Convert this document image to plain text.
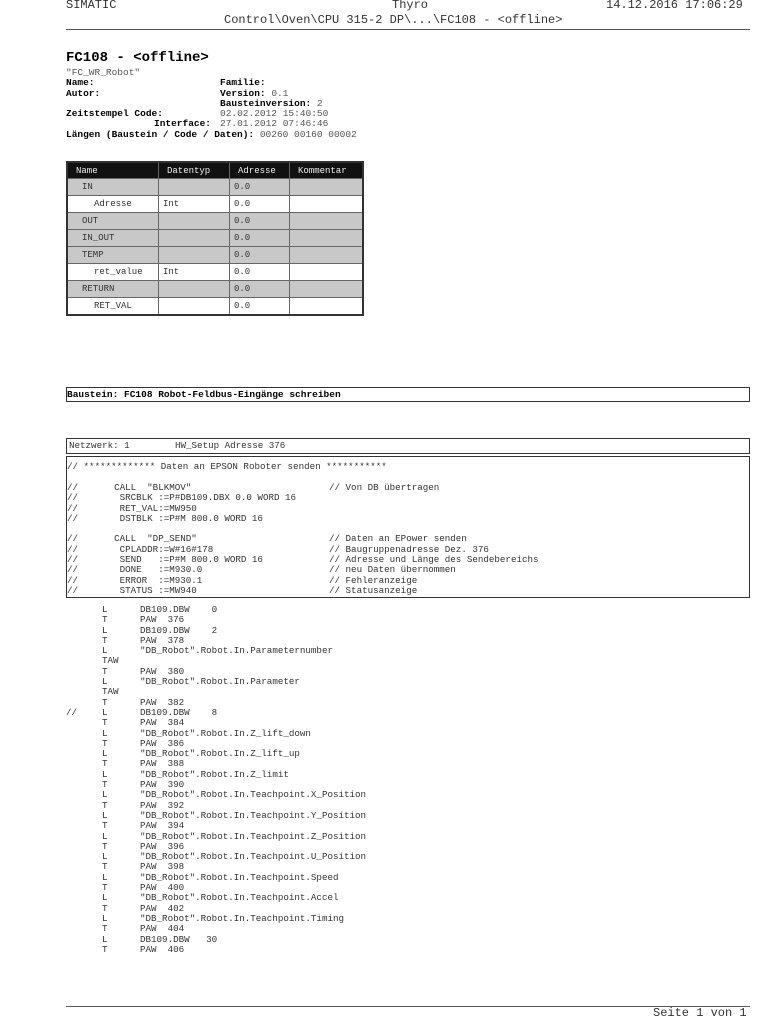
SIMATIC	Thyro	14.12.2016 17:06:29
Control\Oven\CPU 315-2 DP\...\FC108 - <offline>
FC108 - <offline>
"FC_WR_Robot"
Name:	Familie:
Autor:	Version: 0.1
Bausteinversion: 2
Zeitstempel Code:	02.02.2012 15:40:50
Interface: 27.01.2012 07:46:46
Längen (Baustein / Code / Daten): 00260 00160 00002
Name	Datentyp	Adresse	Kommentar
IN		0.0	
Adresse	Int	0.0	
OUT		0.0	
IN_OUT		0.0	
TEMP		0.0	
ret_value	Int	0.0	
RETURN		0.0	
RET_VAL		0.0	
Baustein: FC108 Robot-Feldbus-Eingänge schreiben
Netzwerk: 1	HW_Setup Adresse 376
// ************* Daten an EPSON Roboter senden ***********
// CALL  "BLKMOV"	// Von DB übertragen
// SRCBLK :=P#DB109.DBX 0.0 WORD 16
// RET_VAL:=MW950
// DSTBLK :=P#M 800.0 WORD 16
// CALL  "DP_SEND"	// Daten an EPower senden
// CPLADDR:=W#16#178	// Baugruppenadresse Dez. 376
// SEND   :=P#M 800.0 WORD 16	// Adresse und Länge des Sendebereichs
// DONE   :=M930.0	// neu Daten übernommen
// ERROR  :=M930.1	// Fehleranzeige
// STATUS :=MW940	// Statusanzeige
L	DB109.DBW    0
T	PAW  376
L	DB109.DBW    2
T	PAW  378
L	"DB_Robot".Robot.In.Parameternumber
TAW
T	PAW  380
L	"DB_Robot".Robot.In.Parameter
TAW
T	PAW  382
//	L	DB109.DBW    8
T	PAW  384
L	"DB_Robot".Robot.In.Z_lift_down
T	PAW  386
L	"DB_Robot".Robot.In.Z_lift_up
T	PAW  388
L	"DB_Robot".Robot.In.Z_limit
T	PAW  390
L	"DB_Robot".Robot.In.Teachpoint.X_Position
T	PAW  392
L	"DB_Robot".Robot.In.Teachpoint.Y_Position
T	PAW  394
L	"DB_Robot".Robot.In.Teachpoint.Z_Position
T	PAW  396
L	"DB_Robot".Robot.In.Teachpoint.U_Position
T	PAW  398
L	"DB_Robot".Robot.In.Teachpoint.Speed
T	PAW  400
L	"DB_Robot".Robot.In.Teachpoint.Accel
T	PAW  402
L	"DB_Robot".Robot.In.Teachpoint.Timing
T	PAW  404
L	DB109.DBW   30
T	PAW  406
Seite 1 von 1
